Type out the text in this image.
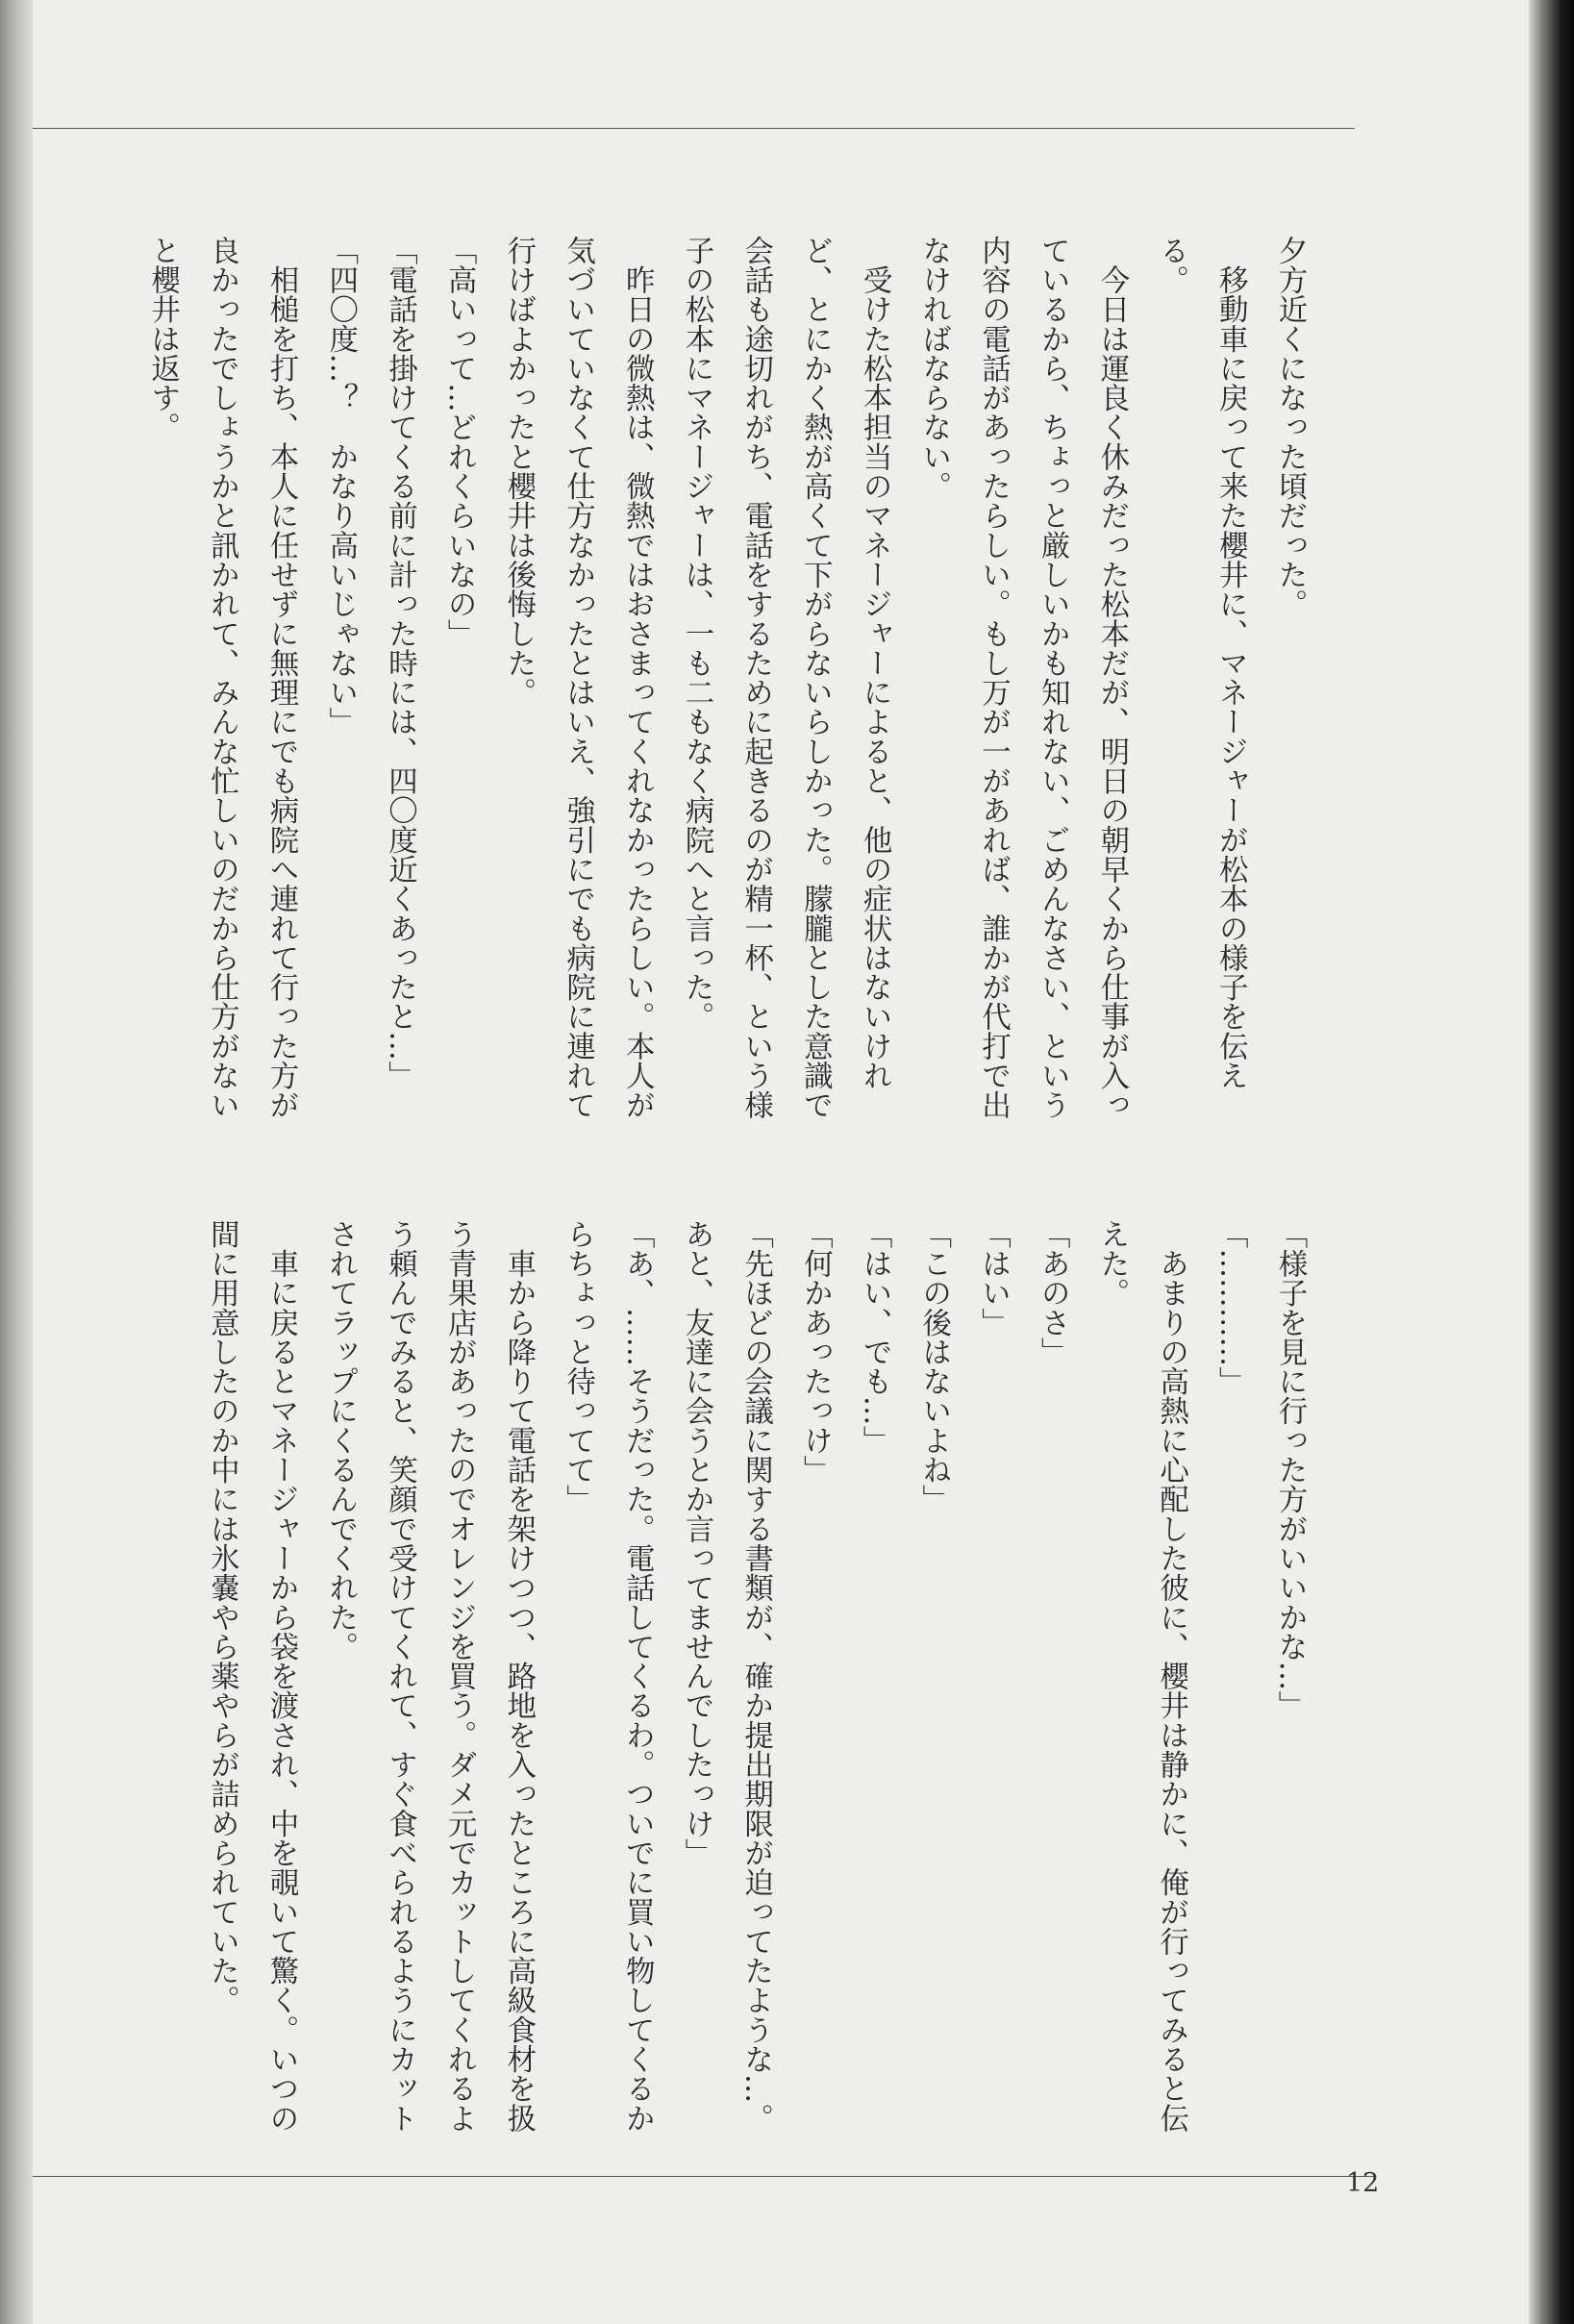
夕方近くになった頃だった。

　移動車に戻って来た櫻井に、マネージャーが松本の様子を伝える。

　今日は運良く休みだった松本だが、明日の朝早くから仕事が入っているから、ちょっと厳しいかも知れない、ごめんなさい、という内容の電話があったらしい。もし万が一があれば、誰かが代打で出なければならない。

　受けた松本担当のマネージャーによると、他の症状はないけれど、とにかく熱が高くて下がらないらしかった。朦朧とした意識で会話も途切れがち、電話をするために起きるのが精一杯、という様子の松本にマネージャーは、一も二もなく病院へと言った。

　昨日の微熱は、微熱ではおさまってくれなかったらしい。本人が気づいていなくて仕方なかったとはいえ、強引にでも病院に連れて行けばよかったと櫻井は後悔した。

「高いって…どれくらいなの」

「電話を掛けてくる前に計った時には、四〇度近くあったと…」

「四〇度…？　かなり高いじゃない」

　相槌を打ち、本人に任せずに無理にでも病院へ連れて行った方が良かったでしょうかと訊かれて、みんな忙しいのだから仕方がないと櫻井は返す。

「様子を見に行った方がいいかな…」

「…………」

　あまりの高熱に心配した彼に、櫻井は静かに、俺が行ってみると伝えた。

「あのさ」

「はい」

「この後はないよね」

「はい、でも…」

「何かあったっけ」

「先ほどの会議に関する書類が、確か提出期限が迫ってたような…。あと、友達に会うとか言ってませんでしたっけ」

「あ、……そうだった。電話してくるわ。ついでに買い物してくるからちょっと待ってて」

　車から降りて電話を架けつつ、路地を入ったところに高級食材を扱う青果店があったのでオレンジを買う。ダメ元でカットしてくれるよう頼んでみると、笑顔で受けてくれて、すぐ食べられるようにカットされてラップにくるんでくれた。

　車に戻るとマネージャーから袋を渡され、中を覗いて驚く。いつの間に用意したのか中には氷嚢やら薬やらが詰められていた。

12
